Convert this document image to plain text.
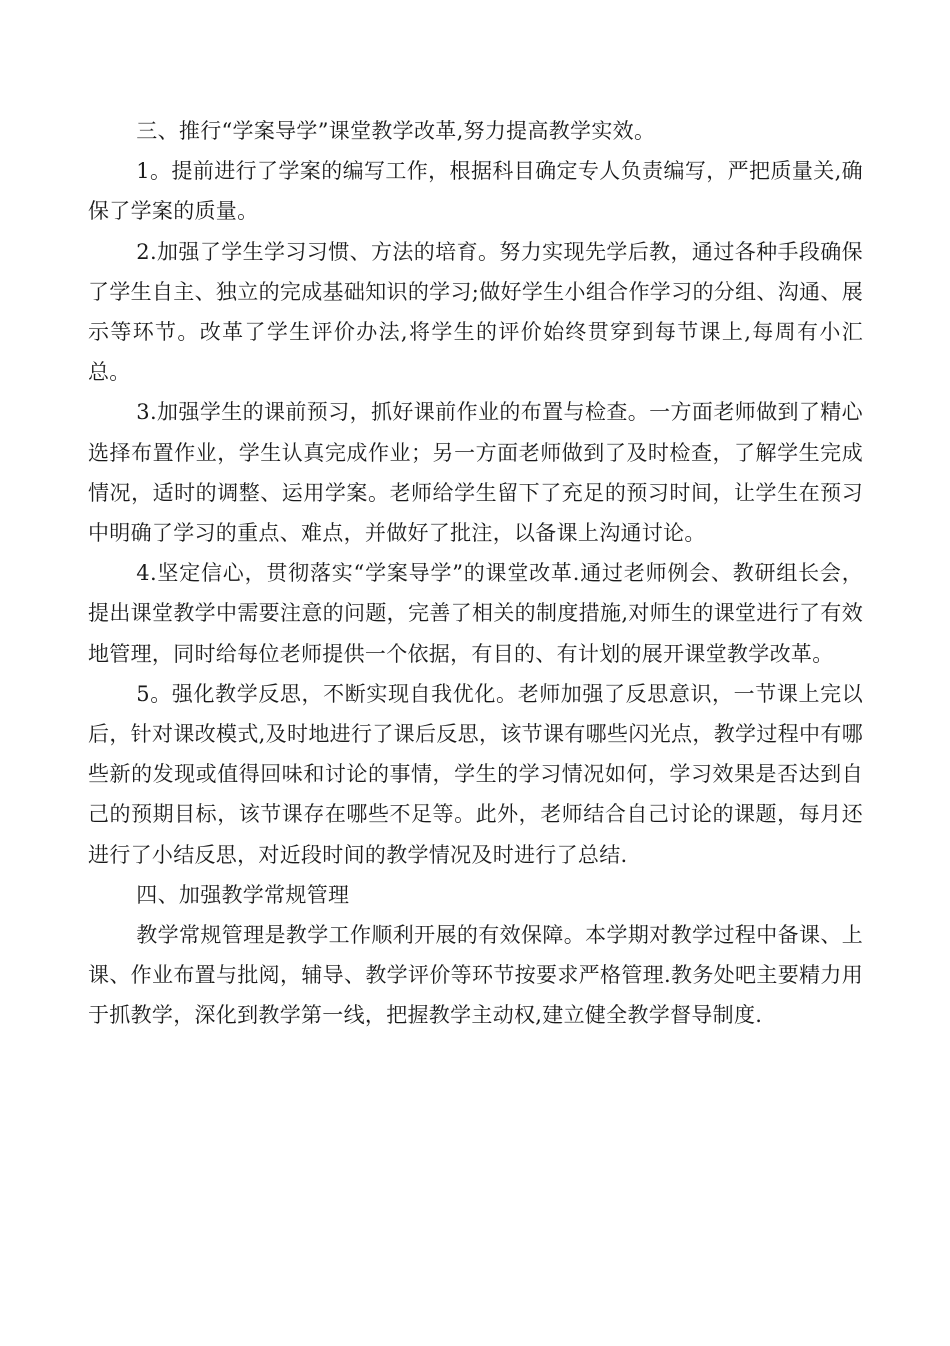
三、推行“学案导学”课堂教学改革,努力提高教学实效。

1。提前进行了学案的编写工作，根据科目确定专人负责编写，严把质量关,确保了学案的质量。

2.加强了学生学习习惯、方法的培育。努力实现先学后教，通过各种手段确保了学生自主、独立的完成基础知识的学习;做好学生小组合作学习的分组、沟通、展示等环节。改革了学生评价办法,将学生的评价始终贯穿到每节课上,每周有小汇总。

3.加强学生的课前预习，抓好课前作业的布置与检查。一方面老师做到了精心选择布置作业，学生认真完成作业；另一方面老师做到了及时检查，了解学生完成情况，适时的调整、运用学案。老师给学生留下了充足的预习时间，让学生在预习中明确了学习的重点、难点，并做好了批注，以备课上沟通讨论。

4.坚定信心，贯彻落实“学案导学”的课堂改革.通过老师例会、教研组长会，提出课堂教学中需要注意的问题，完善了相关的制度措施,对师生的课堂进行了有效地管理，同时给每位老师提供一个依据，有目的、有计划的展开课堂教学改革。

5。强化教学反思，不断实现自我优化。老师加强了反思意识，一节课上完以后，针对课改模式,及时地进行了课后反思，该节课有哪些闪光点，教学过程中有哪些新的发现或值得回味和讨论的事情，学生的学习情况如何，学习效果是否达到自己的预期目标，该节课存在哪些不足等。此外，老师结合自己讨论的课题，每月还进行了小结反思，对近段时间的教学情况及时进行了总结.

四、加强教学常规管理

教学常规管理是教学工作顺利开展的有效保障。本学期对教学过程中备课、上课、作业布置与批阅，辅导、教学评价等环节按要求严格管理.教务处吧主要精力用于抓教学，深化到教学第一线，把握教学主动权,建立健全教学督导制度.
